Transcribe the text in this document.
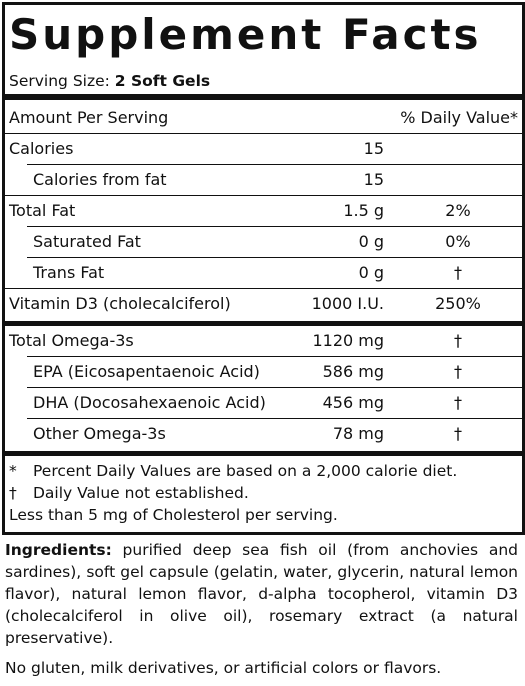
Supplement Facts
Serving Size: 2 Soft Gels
Amount Per Serving	% Daily Value*
Calories	15
Calories from fat	15
Total Fat	1.5 g	2%
Saturated Fat	0 g	0%
Trans Fat	0 g	†
Vitamin D3 (cholecalciferol)	1000 I.U.	250%
Total Omega-3s	1120 mg	†
EPA (Eicosapentaenoic Acid)	586 mg	†
DHA (Docosahexaenoic Acid)	456 mg	†
Other Omega-3s	78 mg	†
* Percent Daily Values are based on a 2,000 calorie diet.
† Daily Value not established.
Less than 5 mg of Cholesterol per serving.
Ingredients: purified deep sea fish oil (from anchovies and sardines), soft gel capsule (gelatin, water, glycerin, natural lemon flavor), natural lemon flavor, d-alpha tocopherol, vitamin D3 (cholecalciferol in olive oil), rosemary extract (a natural preservative).
No gluten, milk derivatives, or artificial colors or flavors.
